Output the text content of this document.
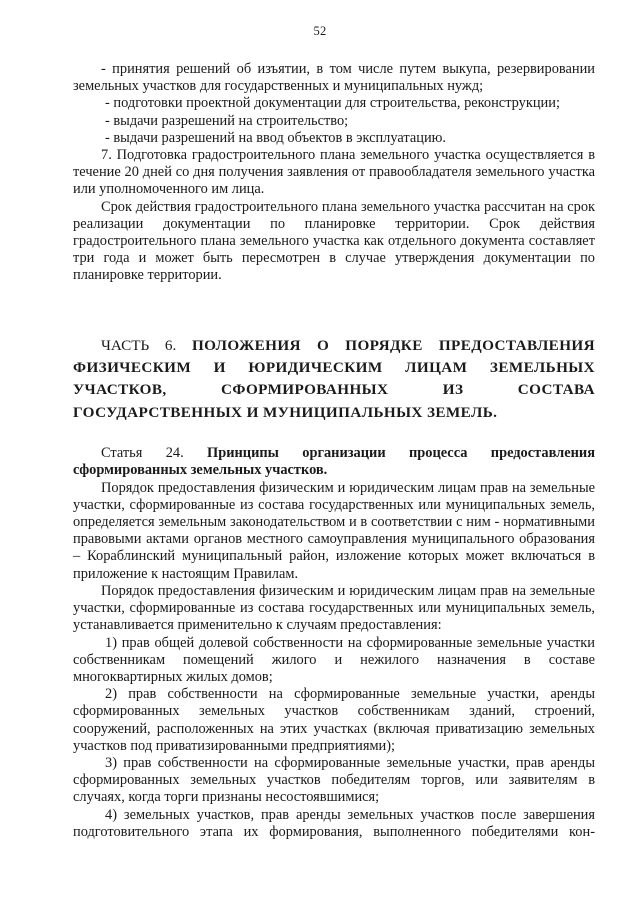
52

- принятия решений об изъятии, в том числе путем выкупа, резервировании земельных участков для государственных и муниципальных нужд;

- подготовки проектной документации для строительства, реконструкции;

- выдачи разрешений на строительство;

- выдачи разрешений на ввод объектов в эксплуатацию.

7. Подготовка градостроительного плана земельного участка осуществляется в течение 20 дней со дня получения заявления от правообладателя земельного участка или уполномоченного им лица.

Срок действия градостроительного плана земельного участка рассчитан на срок реализации документации по планировке территории. Срок действия градостроительного плана земельного участка как отдельного документа составляет три года и может быть пересмотрен в случае утверждения документации по планировке территории.

ЧАСТЬ 6. ПОЛОЖЕНИЯ О ПОРЯДКЕ ПРЕДОСТАВЛЕНИЯ ФИЗИЧЕСКИМ И ЮРИДИЧЕСКИМ ЛИЦАМ ЗЕМЕЛЬНЫХ УЧАСТКОВ, СФОРМИРОВАННЫХ ИЗ СОСТАВА ГОСУДАРСТВЕННЫХ И МУНИЦИПАЛЬНЫХ ЗЕМЕЛЬ.

Статья 24. Принципы организации процесса предоставления сформированных земельных участков.

Порядок предоставления физическим и юридическим лицам прав на земельные участки, сформированные из состава государственных или муниципальных земель, определяется земельным законодательством и в соответствии с ним - нормативными правовыми актами органов местного самоуправления муниципального образования – Кораблинский муниципальный район, изложение которых может включаться в приложение к настоящим Правилам.

Порядок предоставления физическим и юридическим лицам прав на земельные участки, сформированные из состава государственных или муниципальных земель, устанавливается применительно к случаям предоставления:

1) прав общей долевой собственности на сформированные земельные участки собственникам помещений жилого и нежилого назначения в составе многоквартирных жилых домов;

2) прав собственности на сформированные земельные участки, аренды сформированных земельных участков собственникам зданий, строений, сооружений, расположенных на этих участках (включая приватизацию земельных участков под приватизированными предприятиями);

3) прав собственности на сформированные земельные участки, прав аренды сформированных земельных участков победителям торгов, или заявителям в случаях, когда торги признаны несостоявшимися;

4) земельных участков, прав аренды земельных участков после завершения подготовительного этапа их формирования, выполненного победителями кон-
